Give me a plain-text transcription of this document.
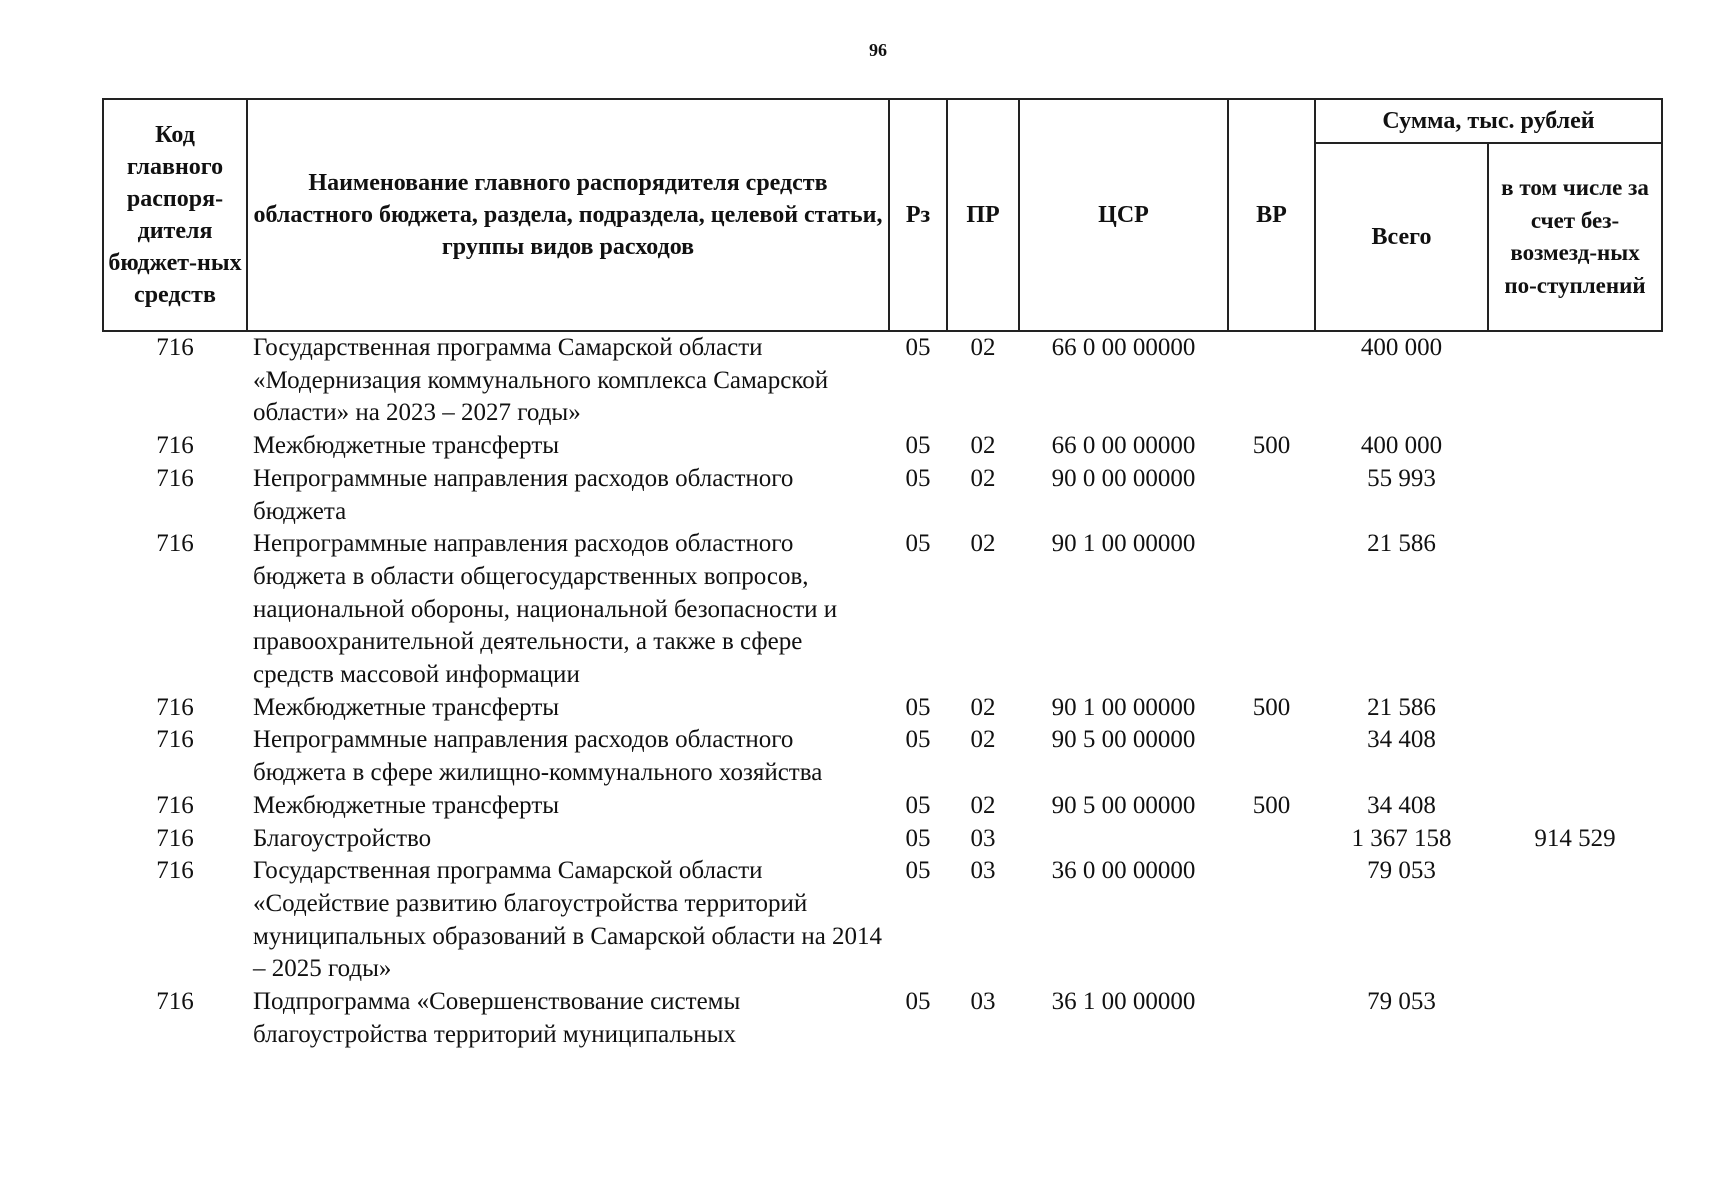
96
Код главного распоря-дителя бюджет-ных средств	Наименование главного распорядителя средств областного бюджета, раздела, подраздела, целевой статьи, группы видов расходов	Рз	ПР	ЦСР	ВР	Сумма, тыс. рублей	
						Всего	в том числе за счет без-возмезд-ных по-ступлений
716	Государственная программа Самарской области «Модернизация коммунального комплекса Самарской области» на 2023 – 2027 годы»	05	02	66 0 00 00000		400 000	
716	Межбюджетные трансферты	05	02	66 0 00 00000	500	400 000	
716	Непрограммные направления расходов областного бюджета	05	02	90 0 00 00000		55 993	
716	Непрограммные направления расходов областного бюджета в области общегосударственных вопросов, национальной обороны, национальной безопасности и правоохранительной деятельности, а также в сфере средств массовой информации	05	02	90 1 00 00000		21 586	
716	Межбюджетные трансферты	05	02	90 1 00 00000	500	21 586	
716	Непрограммные направления расходов областного бюджета в сфере жилищно-коммунального хозяйства	05	02	90 5 00 00000		34 408	
716	Межбюджетные трансферты	05	02	90 5 00 00000	500	34 408	
716	Благоустройство	05	03			1 367 158	914 529
716	Государственная программа Самарской области «Содействие развитию благоустройства территорий муниципальных образований в Самарской области на 2014 – 2025 годы»	05	03	36 0 00 00000		79 053	
716	Подпрограмма «Совершенствование системы благоустройства территорий муниципальных	05	03	36 1 00 00000		79 053	
